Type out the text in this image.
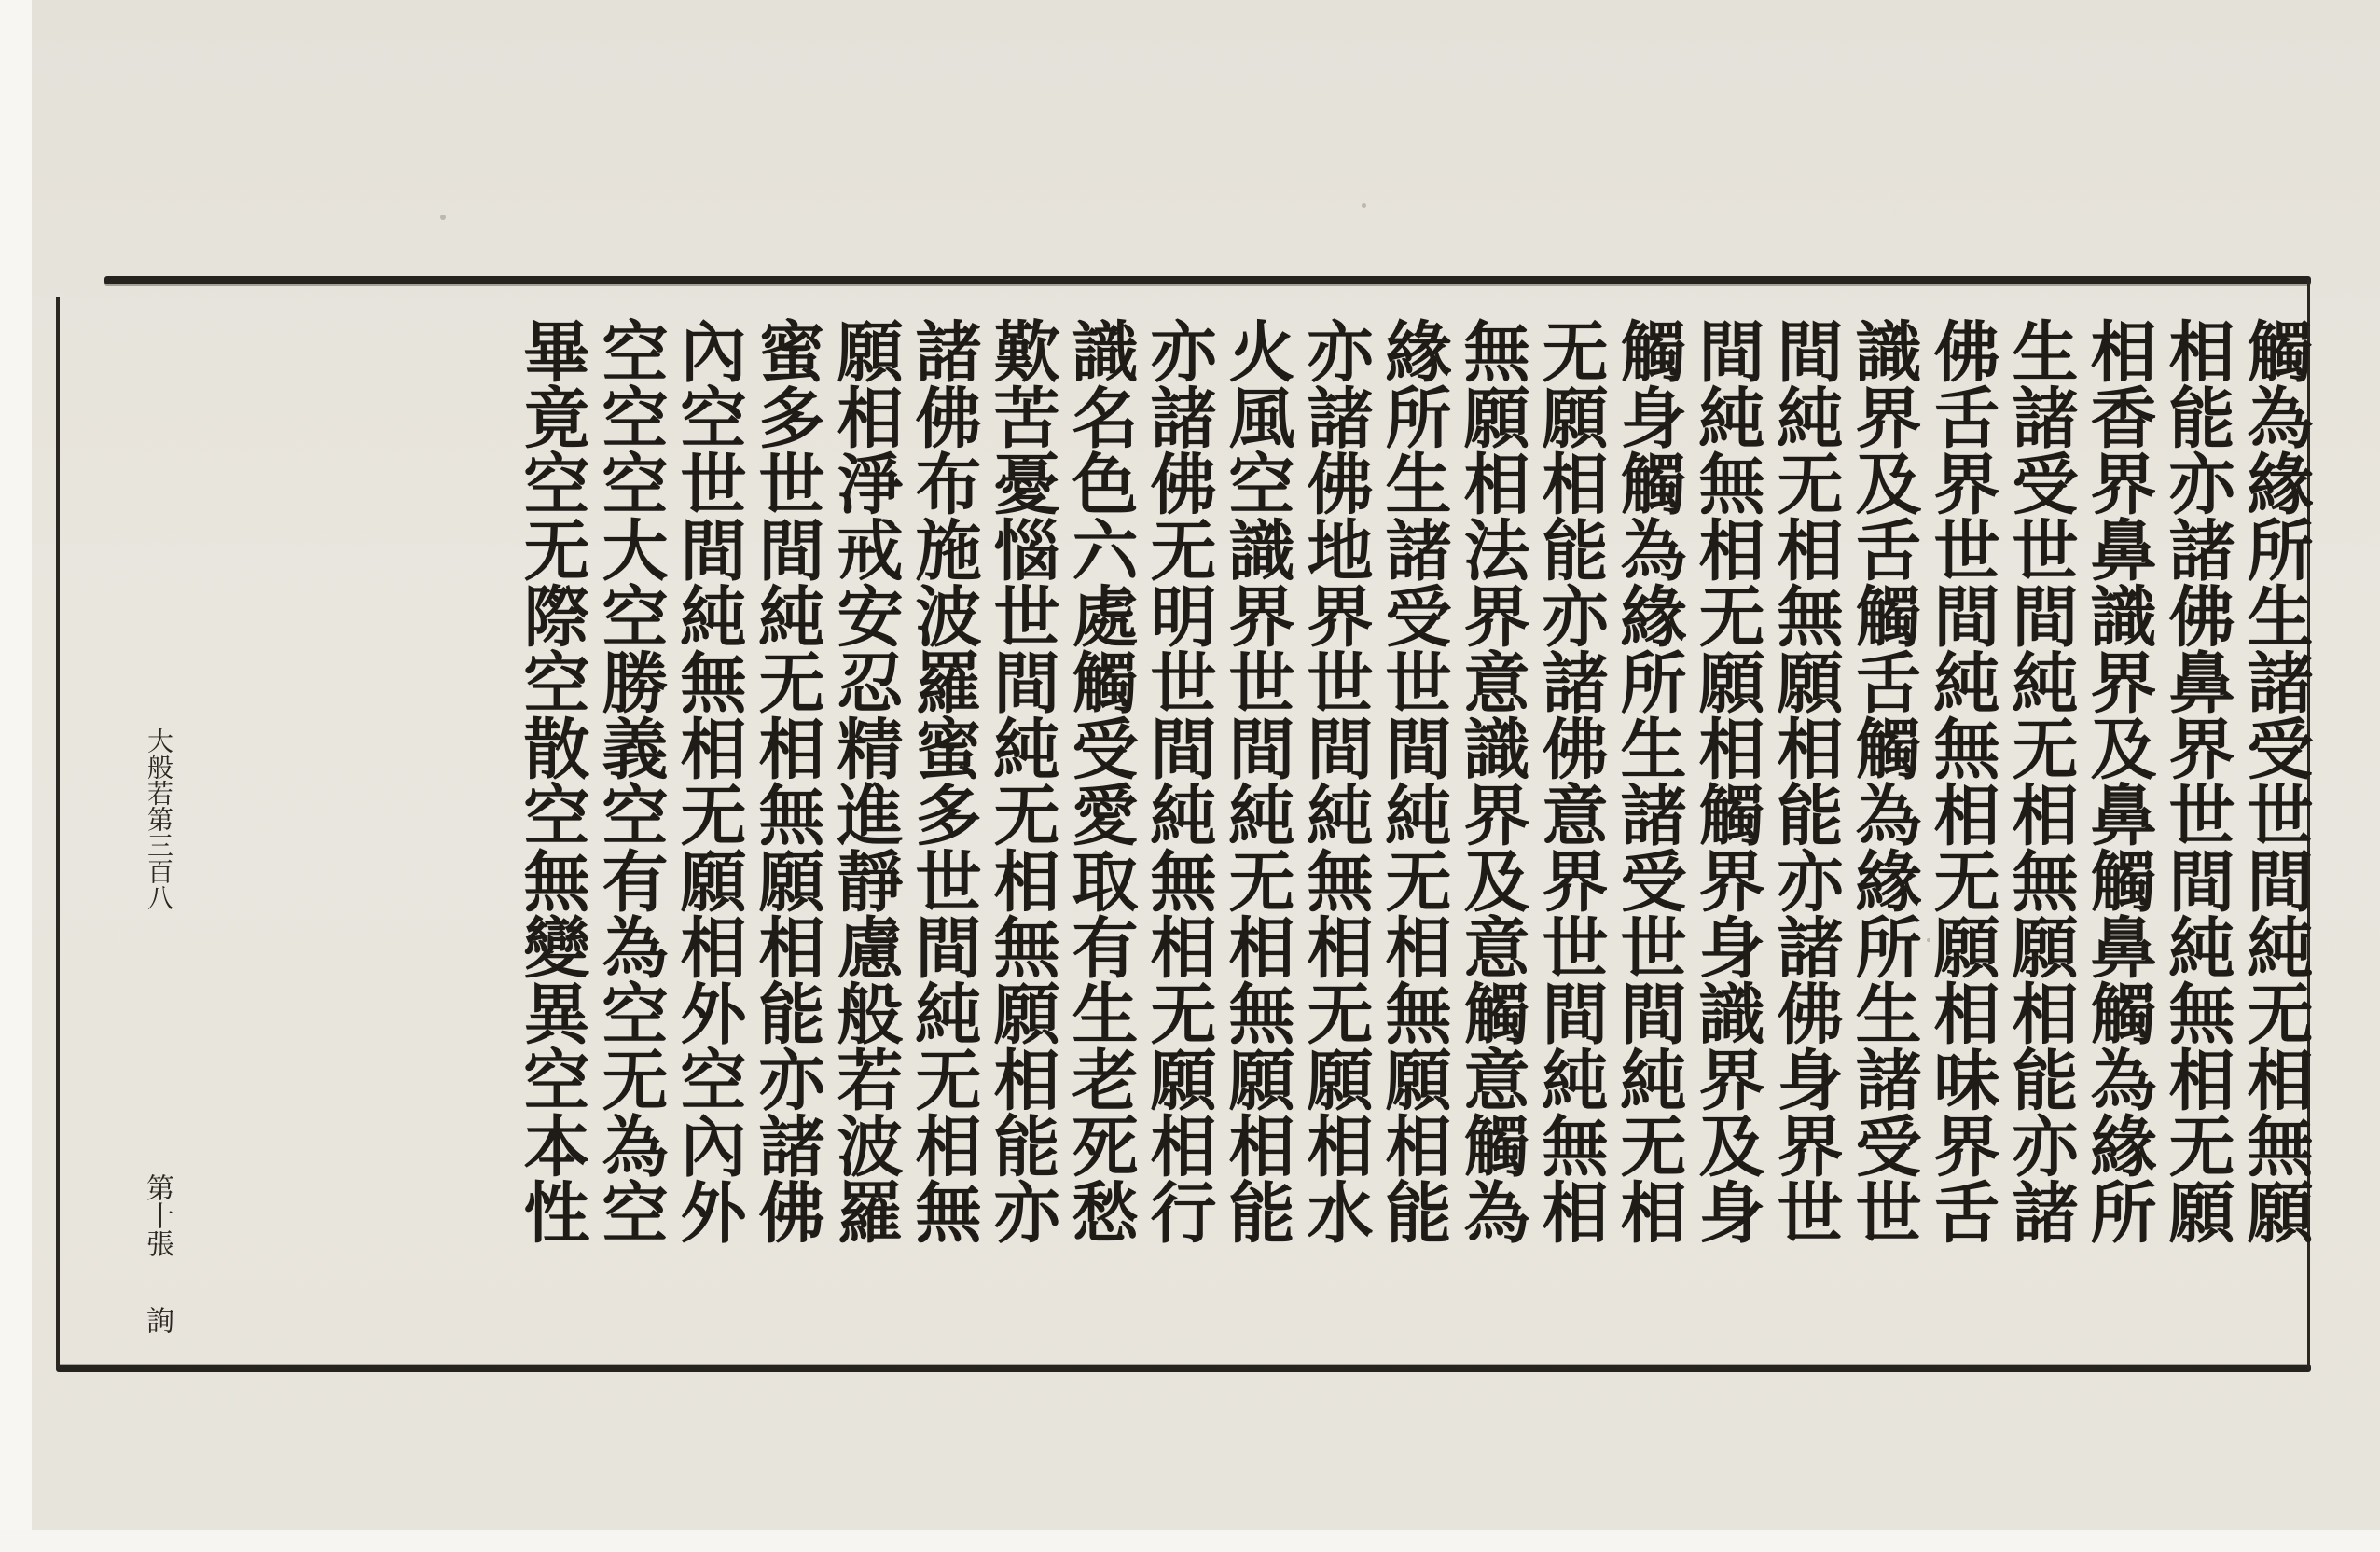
觸為緣所生諸受世間純无相無願
相能亦諸佛鼻界世間純無相无願
相香界鼻識界及鼻觸鼻觸為緣所
生諸受世間純无相無願相能亦諸
佛舌界世間純無相无願相味界舌
識界及舌觸舌觸為緣所生諸受世
間純无相無願相能亦諸佛身界世
間純無相无願相觸界身識界及身
觸身觸為緣所生諸受世間純无相
无願相能亦諸佛意界世間純無相
無願相法界意識界及意觸意觸為
緣所生諸受世間純无相無願相能
亦諸佛地界世間純無相无願相水
火風空識界世間純无相無願相能
亦諸佛无明世間純無相无願相行
識名色六處觸受愛取有生老死愁
歎苦憂惱世間純无相無願相能亦
諸佛布施波羅蜜多世間純无相無
願相淨戒安忍精進靜慮般若波羅
蜜多世間純无相無願相能亦諸佛
內空世間純無相无願相外空內外
空空空大空勝義空有為空无為空
畢竟空无際空散空無變異空本性
大般若第三百八
第十張
詢
